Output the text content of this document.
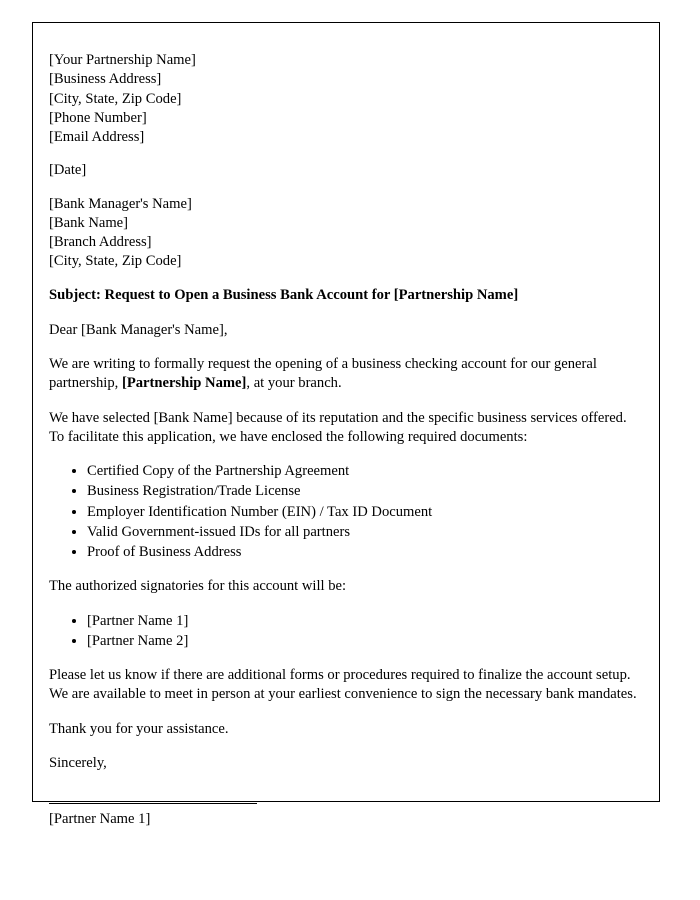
[Your Partnership Name]
[Business Address]
[City, State, Zip Code]
[Phone Number]
[Email Address]
[Date]
[Bank Manager's Name]
[Bank Name]
[Branch Address]
[City, State, Zip Code]
Subject: Request to Open a Business Bank Account for [Partnership Name]
Dear [Bank Manager's Name],
We are writing to formally request the opening of a business checking account for our general partnership, [Partnership Name], at your branch.
We have selected [Bank Name] because of its reputation and the specific business services offered. To facilitate this application, we have enclosed the following required documents:
• Certified Copy of the Partnership Agreement
• Business Registration/Trade License
• Employer Identification Number (EIN) / Tax ID Document
• Valid Government-issued IDs for all partners
• Proof of Business Address
The authorized signatories for this account will be:
• [Partner Name 1]
• [Partner Name 2]
Please let us know if there are additional forms or procedures required to finalize the account setup. We are available to meet in person at your earliest convenience to sign the necessary bank mandates.
Thank you for your assistance.
Sincerely,
[Partner Name 1]
